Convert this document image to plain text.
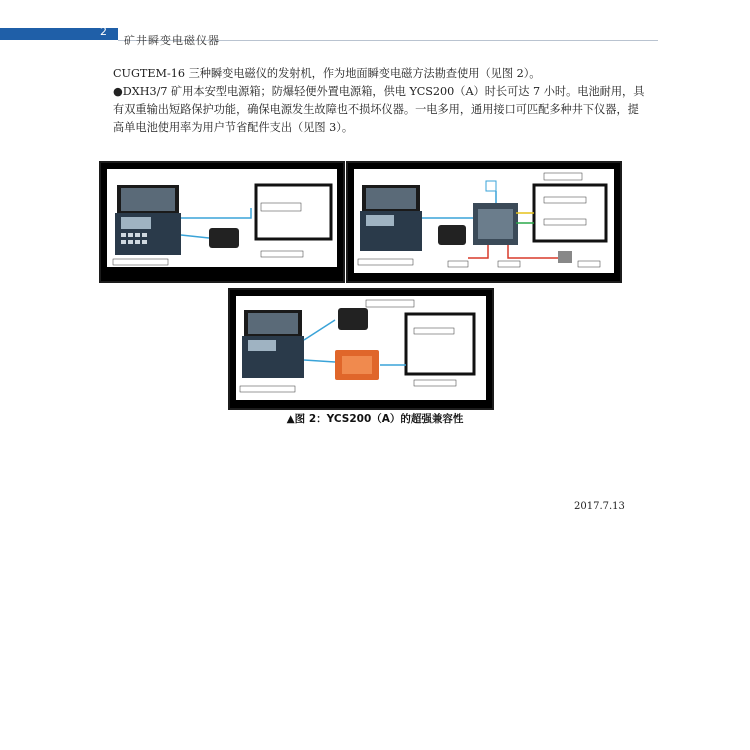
2
矿井瞬变电磁仪器

CUGTEM-16 三种瞬变电磁仪的发射机，作为地面瞬变电磁方法勘查使用（见图 2）。

●DXH3/7 矿用本安型电源箱；防爆轻便外置电源箱，供电 YCS200（A）时长可达 7 小时。电池耐用，具有双重输出短路保护功能，确保电源发生故障也不损坏仪器。一电多用，通用接口可匹配多种井下仪器，提高单电池使用率为用户节省配件支出（见图 3）。

▲图 2：YCS200（A）的超强兼容性
2017.7.13
